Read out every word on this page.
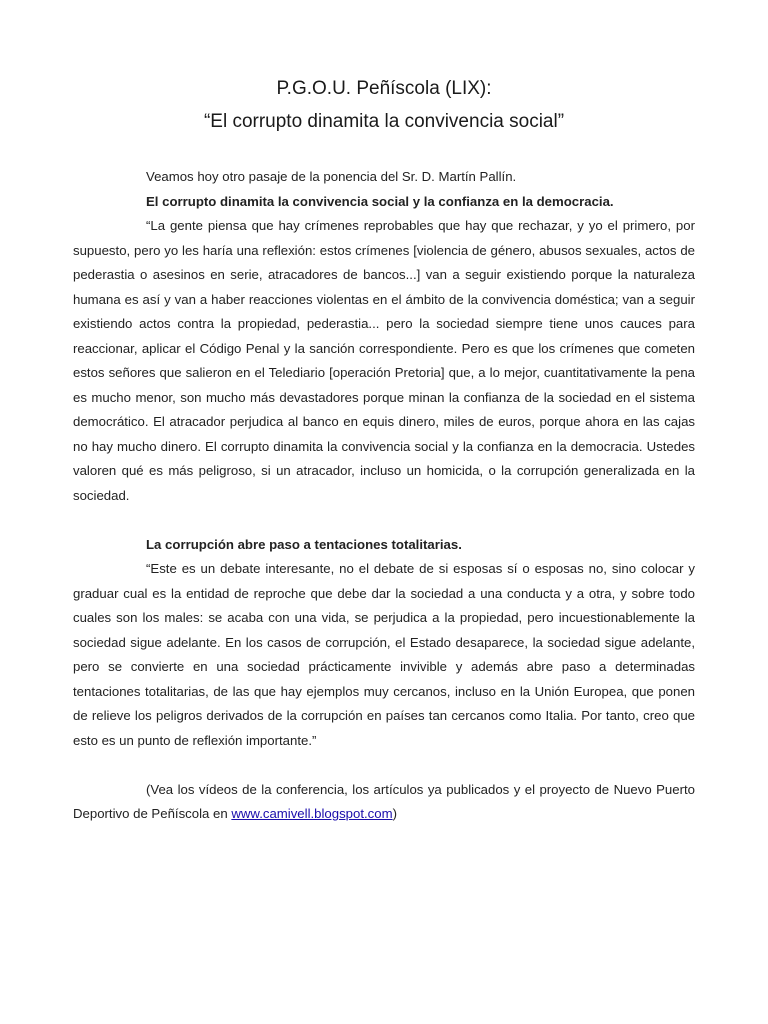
P.G.O.U. Peñíscola (LIX):
“El corrupto dinamita la convivencia social”

Veamos hoy otro pasaje de la ponencia del Sr. D. Martín Pallín.

El corrupto dinamita la convivencia social y la confianza en la democracia.

“La gente piensa que hay crímenes reprobables que hay que rechazar, y yo el primero, por supuesto, pero yo les haría una reflexión: estos crímenes [violencia de género, abusos sexuales, actos de pederastia o asesinos en serie, atracadores de bancos...] van a seguir existiendo porque la naturaleza humana es así y van a haber reacciones violentas en el ámbito de la convivencia doméstica; van a seguir existiendo actos contra la propiedad, pederastia... pero la sociedad siempre tiene unos cauces para reaccionar, aplicar el Código Penal y la sanción correspondiente. Pero es que los crímenes que cometen estos señores que salieron en el Telediario [operación Pretoria] que, a lo mejor, cuantitativamente la pena es mucho menor, son mucho más devastadores porque minan la confianza de la sociedad en el sistema democrático. El atracador perjudica al banco en equis dinero, miles de euros, porque ahora en las cajas no hay mucho dinero. El corrupto dinamita la convivencia social y la confianza en la democracia. Ustedes valoren qué es más peligroso, si un atracador, incluso un homicida, o la corrupción generalizada en la sociedad.

La corrupción abre paso a tentaciones totalitarias.

“Este es un debate interesante, no el debate de si esposas sí o esposas no, sino colocar y graduar cual es la entidad de reproche que debe dar la sociedad a una conducta y a otra, y sobre todo cuales son los males: se acaba con una vida, se perjudica a la propiedad, pero incuestionablemente la sociedad sigue adelante. En los casos de corrupción, el Estado desaparece, la sociedad sigue adelante, pero se convierte en una sociedad prácticamente invivible y además abre paso a determinadas tentaciones totalitarias, de las que hay ejemplos muy cercanos, incluso en la Unión Europea, que ponen de relieve los peligros derivados de la corrupción en países tan cercanos como Italia. Por tanto, creo que esto es un punto de reflexión importante.”

(Vea los vídeos de la conferencia, los artículos ya publicados y el proyecto de Nuevo Puerto Deportivo de Peñíscola en www.camivell.blogspot.com)
